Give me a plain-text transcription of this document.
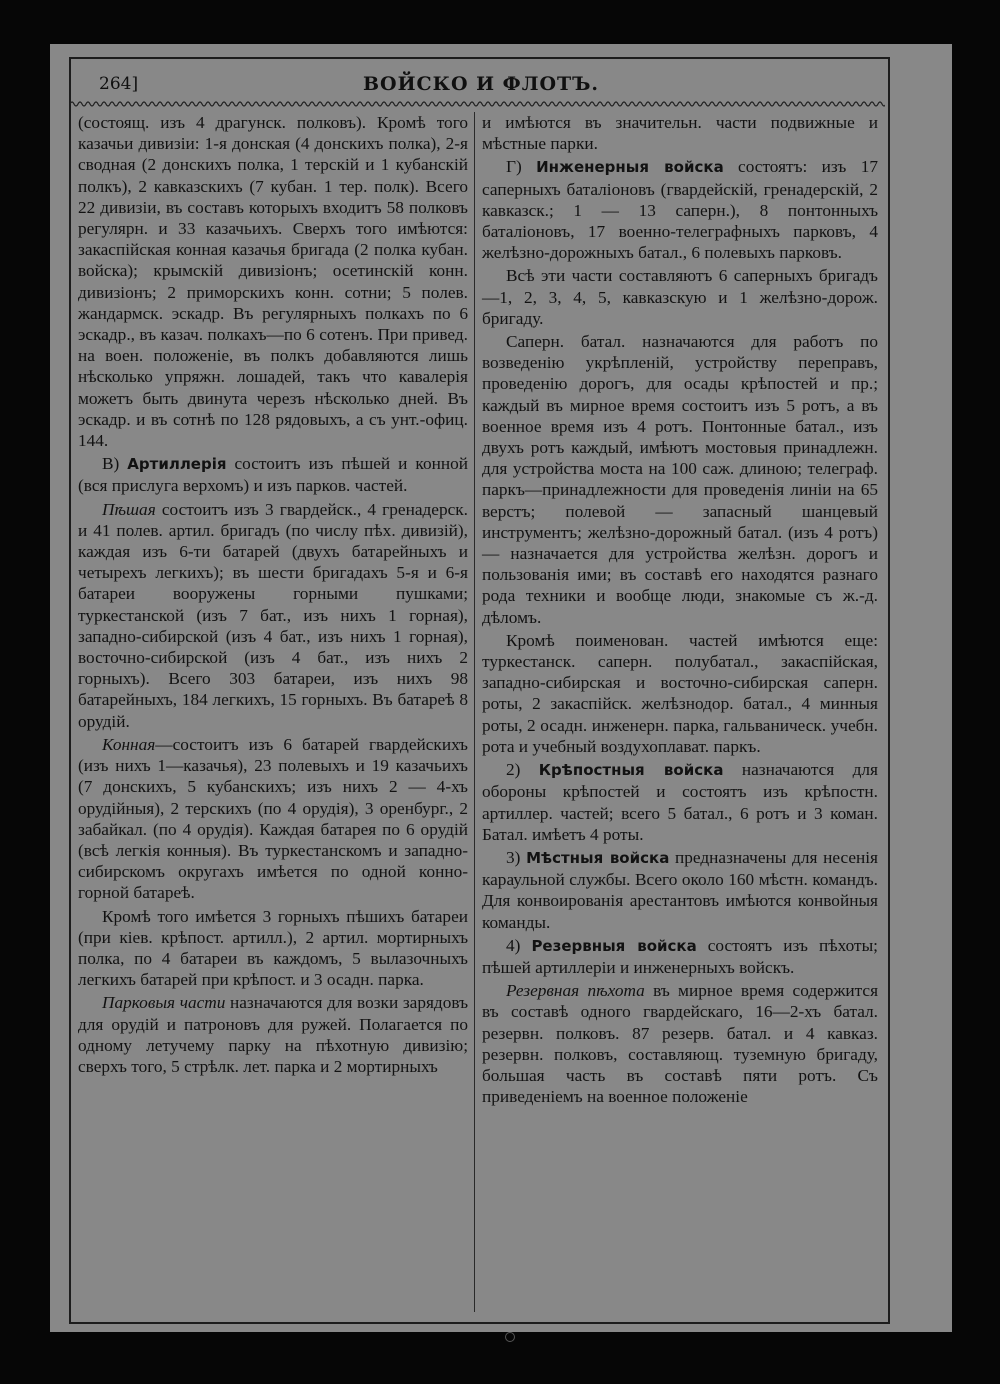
264]	ВОЙСКО И ФЛОТЪ.

(состоящ. изъ 4 драгунск. полковъ). Кромѣ того казачьи дивизіи: 1-я донская (4 донскихъ полка), 2-я сводная (2 донскихъ полка, 1 терскій и 1 кубанскій полкъ), 2 кавказскихъ (7 кубан. 1 тер. полк). Всего 22 дивизіи, въ составъ которыхъ входитъ 58 полковъ регулярн. и 33 казачьихъ. Сверхъ того имѣются: закаспійская конная казачья бригада (2 полка кубан. войска); крымскій дивизіонъ; осетинскій конн. дивизіонъ; 2 приморскихъ конн. сотни; 5 полев. жандармск. эскадр. Въ регулярныхъ полкахъ по 6 эскадр., въ казач. полкахъ—по 6 сотенъ. При привед. на воен. положеніе, въ полкъ добавляются лишь нѣсколько упряжн. лошадей, такъ что кавалерія можетъ быть двинута черезъ нѣсколько дней. Въ эскадр. и въ сотнѣ по 128 рядовыхъ, а съ унт.-офиц. 144.

В) Артиллерія состоитъ изъ пѣшей и конной (вся прислуга верхомъ) и изъ парков. частей.

Пѣшая состоитъ изъ 3 гвардейск., 4 гренадерск. и 41 полев. артил. бригадъ (по числу пѣх. дивизій), каждая изъ 6-ти батарей (двухъ батарейныхъ и четырехъ легкихъ); въ шести бригадахъ 5-я и 6-я батареи вооружены горными пушками; туркестанской (изъ 7 бат., изъ нихъ 1 горная), западно-сибирской (изъ 4 бат., изъ нихъ 1 горная), восточно-сибирской (изъ 4 бат., изъ нихъ 2 горныхъ). Всего 303 батареи, изъ нихъ 98 батарейныхъ, 184 легкихъ, 15 горныхъ. Въ батареѣ 8 орудій.

Конная—состоитъ изъ 6 батарей гвардейскихъ (изъ нихъ 1—казачья), 23 полевыхъ и 19 казачьихъ (7 донскихъ, 5 кубанскихъ; изъ нихъ 2 — 4-хъ орудійныя), 2 терскихъ (по 4 орудія), 3 оренбург., 2 забайкал. (по 4 орудія). Каждая батарея по 6 орудій (всѣ легкія конныя). Въ туркестанскомъ и западно-сибирскомъ округахъ имѣется по одной конно-горной батареѣ.

Кромѣ того имѣется 3 горныхъ пѣшихъ батареи (при кіев. крѣпост. артилл.), 2 артил. мортирныхъ полка, по 4 батареи въ каждомъ, 5 вылазочныхъ легкихъ батарей при крѣпост. и 3 осадн. парка.

Парковыя части назначаются для возки зарядовъ для орудій и патроновъ для ружей. Полагается по одному летучему парку на пѣхотную дивизію; сверхъ того, 5 стрѣлк. лет. парка и 2 мортирныхъ

и имѣются въ значительн. части подвижные и мѣстные парки.

Г) Инженерныя войска состоятъ: изъ 17 саперныхъ баталіоновъ (гвардейскій, гренадерскій, 2 кавказск.; 1 — 13 саперн.), 8 понтонныхъ баталіоновъ, 17 военно-телеграфныхъ парковъ, 4 желѣзно-дорожныхъ батал., 6 полевыхъ парковъ.

Всѣ эти части составляютъ 6 саперныхъ бригадъ—1, 2, 3, 4, 5, кавказскую и 1 желѣзно-дорож. бригаду.

Саперн. батал. назначаются для работъ по возведенію укрѣпленій, устройству переправъ, проведенію дорогъ, для осады крѣпостей и пр.; каждый въ мирное время состоитъ изъ 5 ротъ, а въ военное время изъ 4 ротъ. Понтонные батал., изъ двухъ ротъ каждый, имѣютъ мостовыя принадлежн. для устройства моста на 100 саж. длиною; телеграф. паркъ—принадлежности для проведенія линіи на 65 верстъ; полевой — запасный шанцевый инструментъ; желѣзно-дорожный батал. (изъ 4 ротъ) — назначается для устройства желѣзн. дорогъ и пользованія ими; въ составѣ его находятся разнаго рода техники и вообще люди, знакомые съ ж.-д. дѣломъ.

Кромѣ поименован. частей имѣются еще: туркестанск. саперн. полубатал., закаспійская, западно-сибирская и восточно-сибирская саперн. роты, 2 закаспійск. желѣзнодор. батал., 4 минныя роты, 2 осадн. инженерн. парка, гальваническ. учебн. рота и учебный воздухоплават. паркъ.

2) Крѣпостныя войска назначаются для обороны крѣпостей и состоятъ изъ крѣпостн. артиллер. частей; всего 5 батал., 6 ротъ и 3 коман. Батал. имѣетъ 4 роты.

3) Мѣстныя войска предназначены для несенія караульной службы. Всего около 160 мѣстн. командъ. Для конвоированія арестантовъ имѣются конвойныя команды.

4) Резервныя войска состоятъ изъ пѣхоты; пѣшей артиллеріи и инженерныхъ войскъ.

Резервная пѣхота въ мирное время содержится въ составѣ одного гвардейскаго, 16—2-хъ батал. резервн. полковъ. 87 резерв. батал. и 4 кавказ. резервн. полковъ, составляющ. туземную бригаду, большая часть въ составѣ пяти ротъ. Съ приведеніемъ на военное положеніе
